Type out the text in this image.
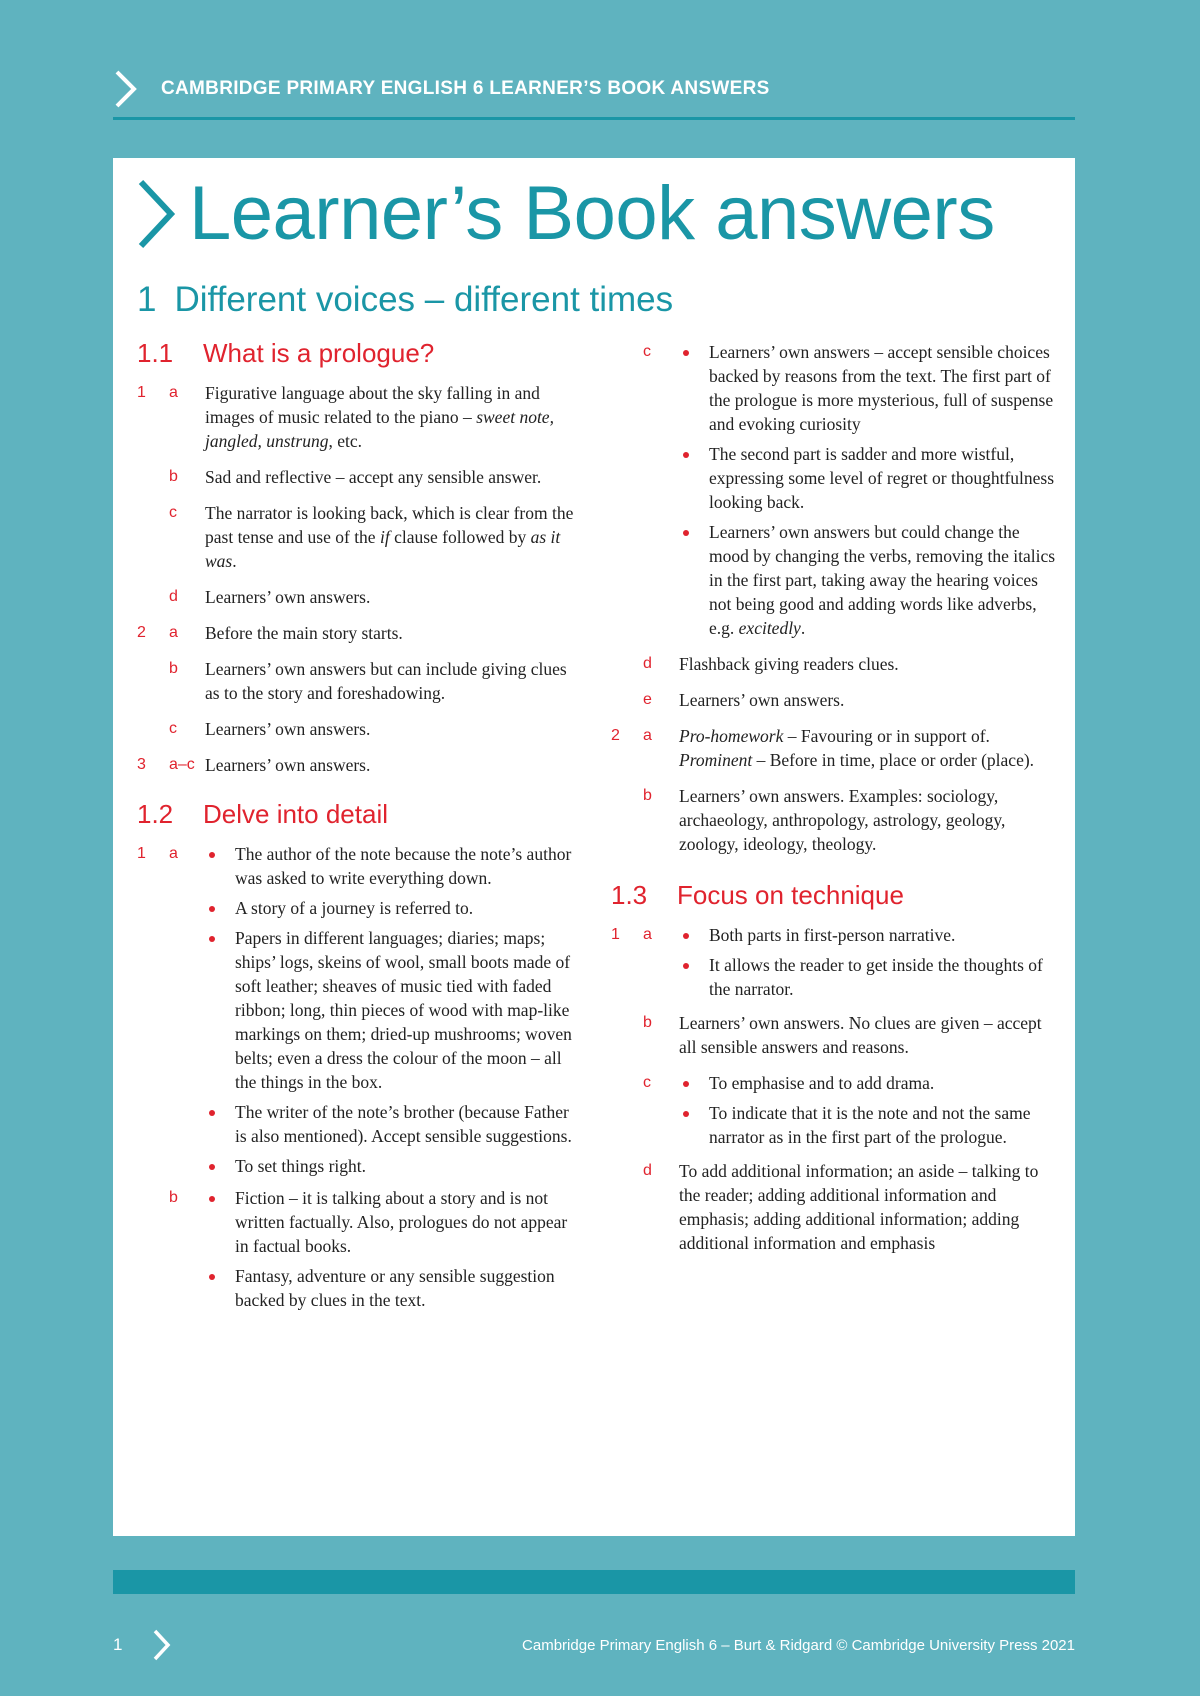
CAMBRIDGE PRIMARY ENGLISH 6 LEARNER’S BOOK ANSWERS
Learner’s Book answers
1 Different voices – different times
1.1	What is a prologue?
1	a	Figurative language about the sky falling in and images of music related to the piano – sweet note, jangled, unstrung, etc.
b	Sad and reflective – accept any sensible answer.
c	The narrator is looking back, which is clear from the past tense and use of the if clause followed by as it was.
d	Learners’ own answers.
2	a	Before the main story starts.
b	Learners’ own answers but can include giving clues as to the story and foreshadowing.
c	Learners’ own answers.
3	a–c Learners’ own answers.
1.2	Delve into detail
1	a	The author of the note because the note’s author was asked to write everything down.
A story of a journey is referred to.
Papers in different languages; diaries; maps; ships’ logs, skeins of wool, small boots made of soft leather; sheaves of music tied with faded ribbon; long, thin pieces of wood with map-like markings on them; dried-up mushrooms; woven belts; even a dress the colour of the moon – all the things in the box.
The writer of the note’s brother (because Father is also mentioned). Accept sensible suggestions.
To set things right.
b	Fiction – it is talking about a story and is not written factually. Also, prologues do not appear in factual books.
Fantasy, adventure or any sensible suggestion backed by clues in the text.
c	Learners’ own answers – accept sensible choices backed by reasons from the text. The first part of the prologue is more mysterious, full of suspense and evoking curiosity
The second part is sadder and more wistful, expressing some level of regret or thoughtfulness looking back.
Learners’ own answers but could change the mood by changing the verbs, removing the italics in the first part, taking away the hearing voices not being good and adding words like adverbs, e.g. excitedly.
d	Flashback giving readers clues.
e	Learners’ own answers.
2	a	Pro-homework – Favouring or in support of.
Prominent – Before in time, place or order (place).
b	Learners’ own answers. Examples: sociology, archaeology, anthropology, astrology, geology, zoology, ideology, theology.
1.3	Focus on technique
1	a	Both parts in first-person narrative.
It allows the reader to get inside the thoughts of the narrator.
b	Learners’ own answers. No clues are given – accept all sensible answers and reasons.
c	To emphasise and to add drama.
To indicate that it is the note and not the same narrator as in the first part of the prologue.
d	To add additional information; an aside – talking to the reader; adding additional information and emphasis; adding additional information; adding additional information and emphasis
1	Cambridge Primary English 6 – Burt & Ridgard © Cambridge University Press 2021
